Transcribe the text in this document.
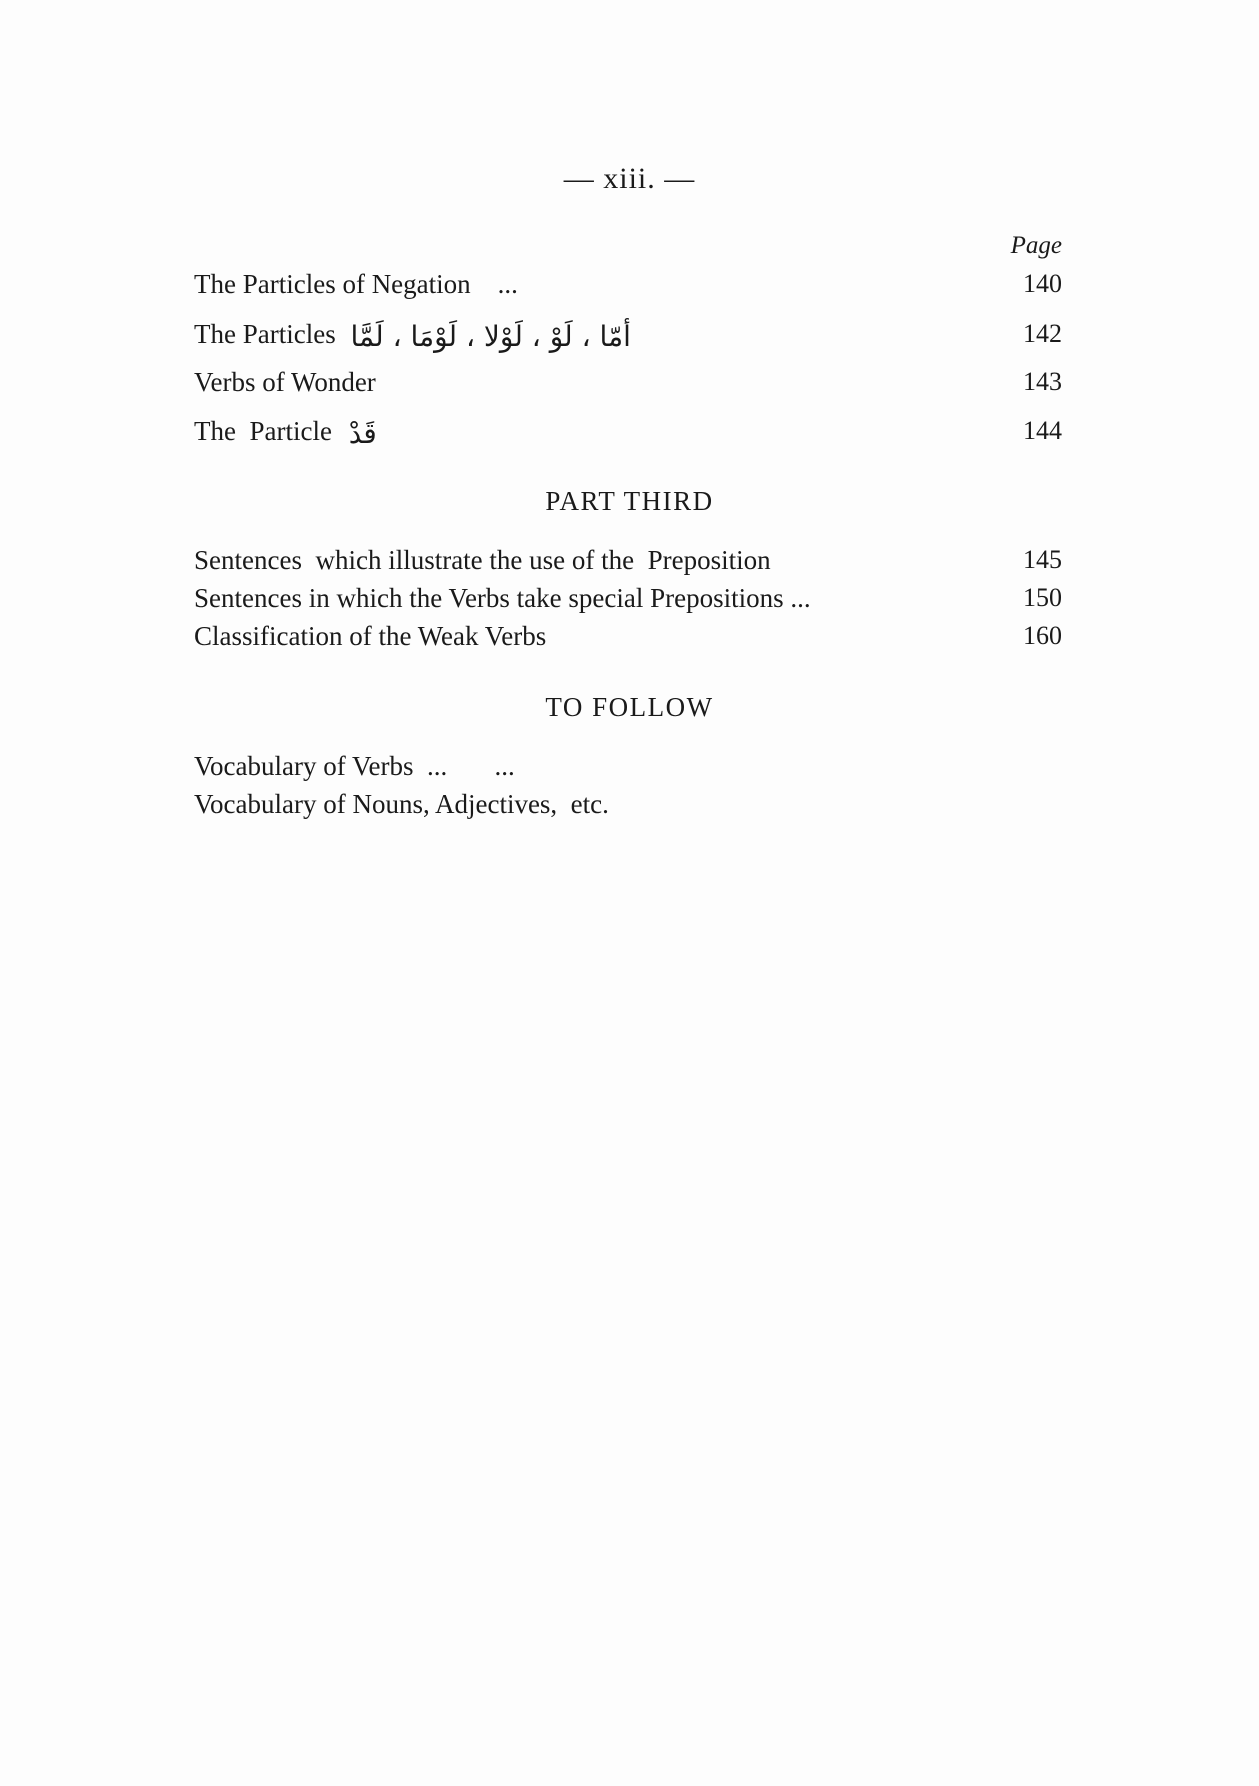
— xiii. —
Page
The Particles of Negation    ...	140
The Particles أمّا ، لَوْ ، لَوْلا ، لَوْمَا ، لَمَّا	142
Verbs of Wonder	143
The  Particle قَدْ	144
PART THIRD
Sentences  which illustrate the use of the  Preposition	145
Sentences in which the Verbs take special Prepositions ...	150
Classification of the Weak Verbs	160
TO FOLLOW
Vocabulary of Verbs  ...       ...
Vocabulary of Nouns, Adjectives,  etc.
